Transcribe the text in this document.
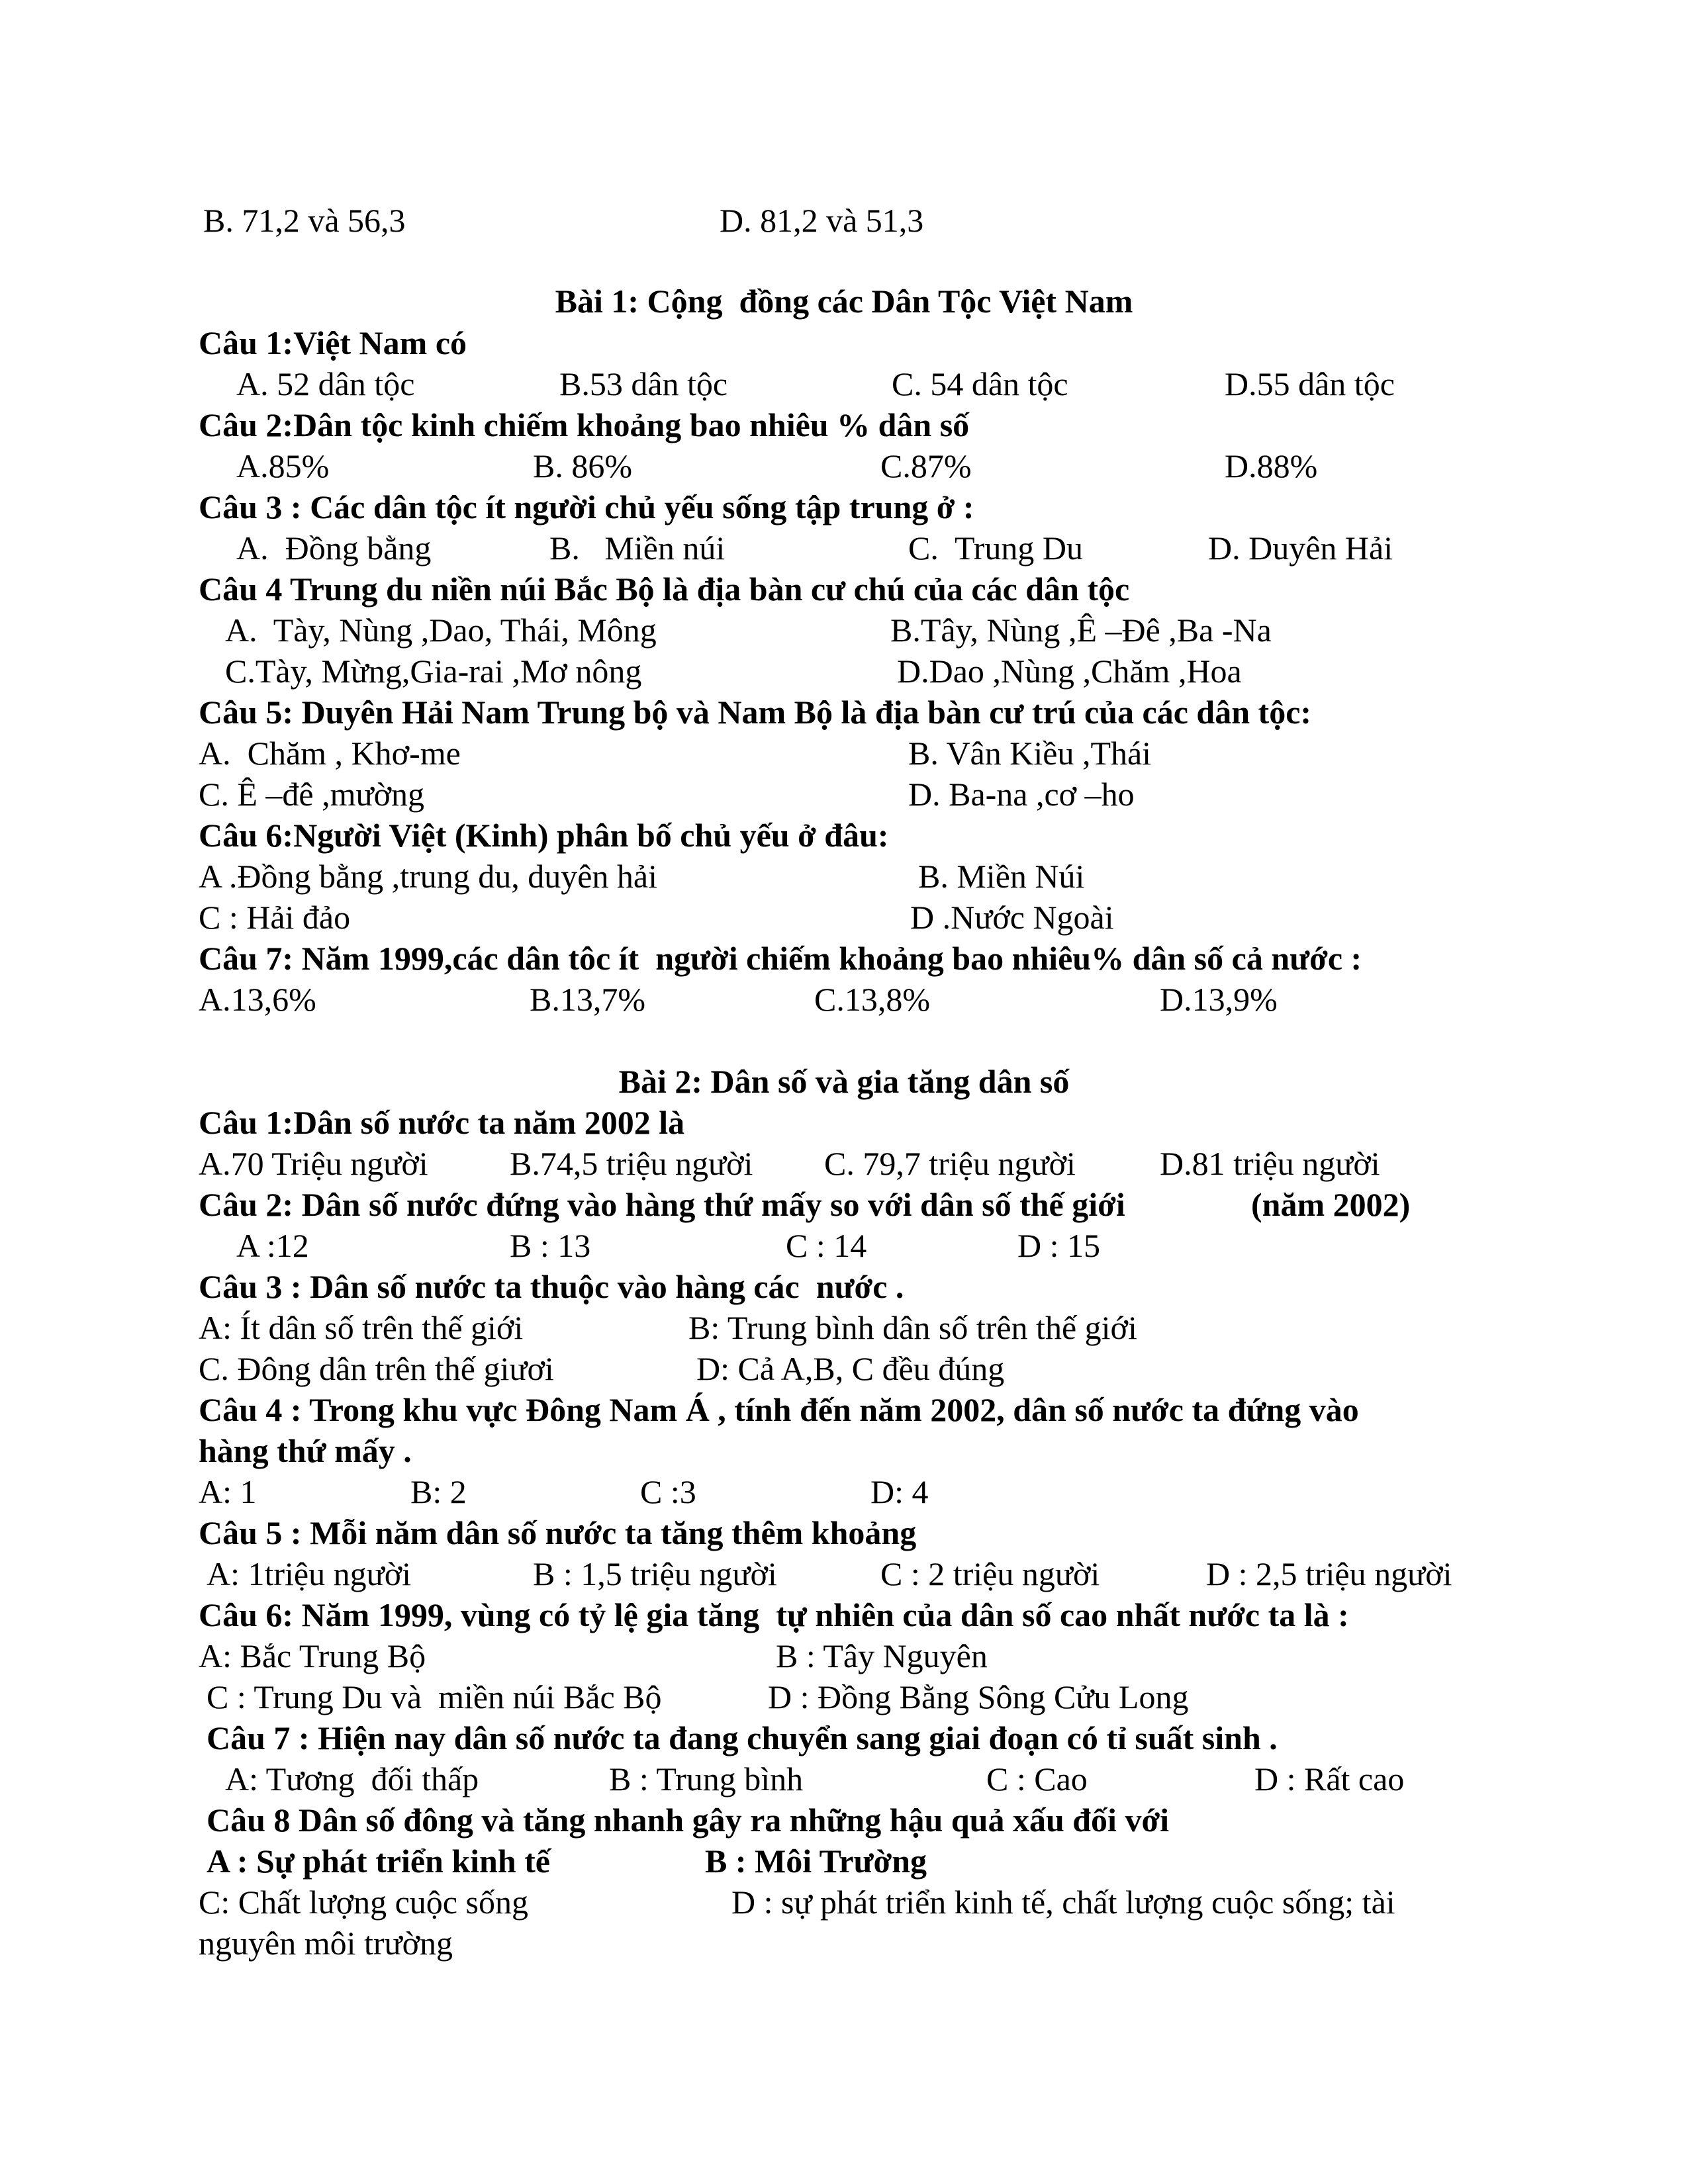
B. 71,2 và 56,3	D. 81,2 và 51,3
Bài 1: Cộng  đồng các Dân Tộc Việt Nam
Câu 1:Việt Nam có
A. 52 dân tộc	B.53 dân tộc	C. 54 dân tộc	D.55 dân tộc
Câu 2:Dân tộc kinh chiếm khoảng bao nhiêu % dân số
A.85%	B. 86%	C.87%	D.88%
Câu 3 : Các dân tộc ít người chủ yếu sống tập trung ở :
A.  Đồng bằng	B.   Miền núi	C.  Trung Du	D. Duyên Hải
Câu 4 Trung du niền núi Bắc Bộ là địa bàn cư chú của các dân tộc
A.  Tày, Nùng ,Dao, Thái, Mông	B.Tây, Nùng ,Ê –Đê ,Ba -Na
C.Tày, Mừng,Gia-rai ,Mơ nông	D.Dao ,Nùng ,Chăm ,Hoa
Câu 5: Duyên Hải Nam Trung bộ và Nam Bộ là địa bàn cư trú của các dân tộc:
A.  Chăm , Khơ-me	B. Vân Kiều ,Thái
C. Ê –đê ,mường	D. Ba-na ,cơ –ho
Câu 6:Người Việt (Kinh) phân bố chủ yếu ở đâu:
A .Đồng bằng ,trung du, duyên hải	B. Miền Núi
C : Hải đảo	D .Nước Ngoài
Câu 7: Năm 1999,các dân tôc ít  người chiếm khoảng bao nhiêu% dân số cả nước :
A.13,6%	B.13,7%	C.13,8%	D.13,9%
Bài 2: Dân số và gia tăng dân số
Câu 1:Dân số nước ta năm 2002 là
A.70 Triệu người B.74,5 triệu người C. 79,7 triệu người	D.81 triệu người
Câu 2: Dân số nước đứng vào hàng thứ mấy so với dân số thế giới	(năm 2002)
A :12	B : 13	C : 14	D : 15
Câu 3 : Dân số nước ta thuộc vào hàng các  nước .
A: Ít dân số trên thế giới	B: Trung bình dân số trên thế giới
C. Đông dân trên thế giươi	D: Cả A,B, C đều đúng
Câu 4 : Trong khu vực Đông Nam Á , tính đến năm 2002, dân số nước ta đứng vào
hàng thứ mấy .
A: 1	B: 2	C :3	D: 4
Câu 5 : Mỗi năm dân số nước ta tăng thêm khoảng
A: 1triệu người	B : 1,5 triệu người	C : 2 triệu người	D : 2,5 triệu người
Câu 6: Năm 1999, vùng có tỷ lệ gia tăng  tự nhiên của dân số cao nhất nước ta là :
A: Bắc Trung Bộ	B : Tây Nguyên
C : Trung Du và  miền núi Bắc Bộ	D : Đồng Bằng Sông Cửu Long
Câu 7 : Hiện nay dân số nước ta đang chuyển sang giai đoạn có tỉ suất sinh .
A: Tương  đối thấp	B : Trung bình	C : Cao	D : Rất cao
Câu 8 Dân số đông và tăng nhanh gây ra những hậu quả xấu đối với
A : Sự phát triển kinh tế	B : Môi Trường
C: Chất lượng cuộc sống	D : sự phát triển kinh tế, chất lượng cuộc sống; tài
nguyên môi trường
